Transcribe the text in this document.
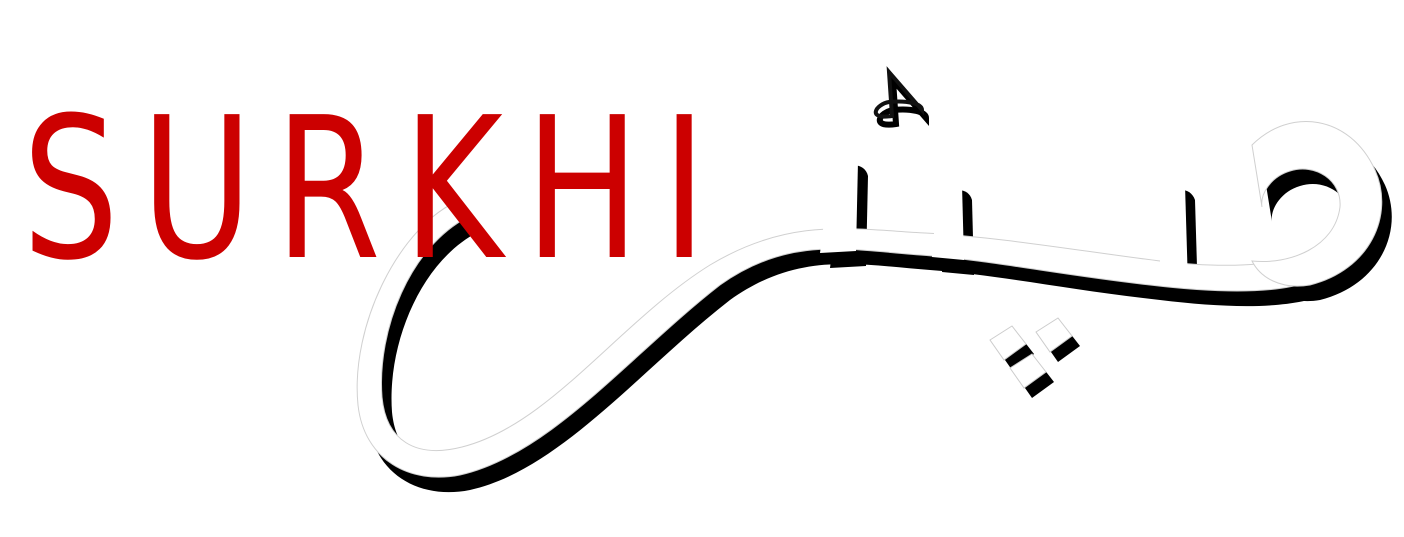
SURKHI
